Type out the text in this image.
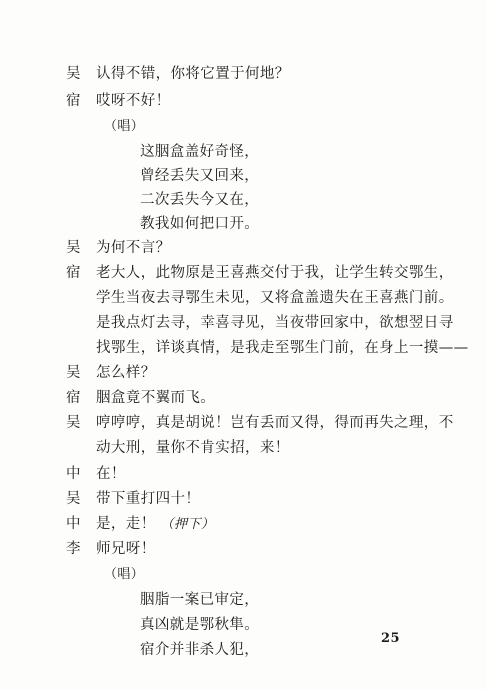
吴 认得不错，你将它置于何地？
宿 哎呀不好！
（唱）
这胭盒盖好奇怪，
曾经丢失又回来，
二次丢失今又在，
教我如何把口开。
吴 为何不言？
宿 老大人，此物原是王喜燕交付于我，让学生转交鄂生，
学生当夜去寻鄂生未见，又将盒盖遗失在王喜燕门前。
是我点灯去寻，幸喜寻见，当夜带回家中，欲想翌日寻
找鄂生，详谈真情，是我走至鄂生门前，在身上一摸——
吴 怎么样？
宿 胭盒竟不翼而飞。
吴 哼哼哼，真是胡说！岂有丢而又得，得而再失之理，不
动大刑，量你不肯实招，来！
中 在！
吴 带下重打四十！
中 是，走！ （押下）
李 师兄呀！
（唱）
胭脂一案已审定，
真凶就是鄂秋隼。
宿介并非杀人犯，
25
